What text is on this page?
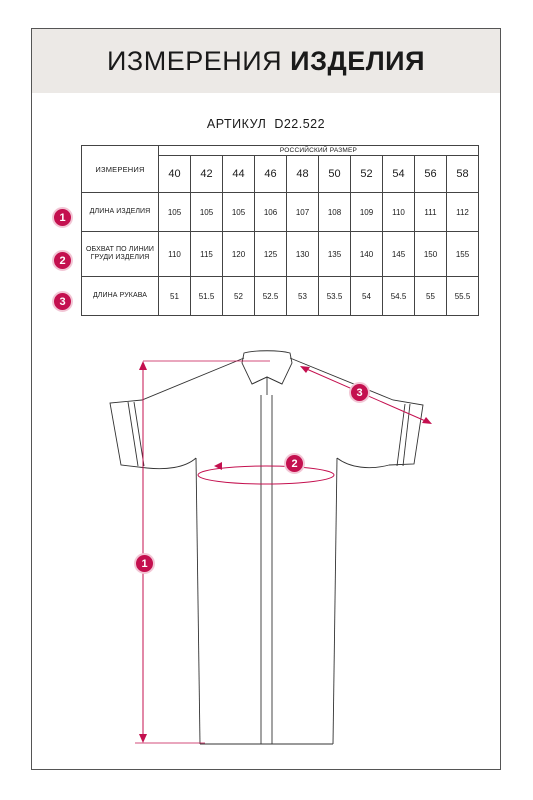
ИЗМЕРЕНИЯ ИЗДЕЛИЯ
АРТИКУЛ D22.522
ИЗМЕРЕНИЯ	РОССИЙСКИЙ РАЗМЕР									
	40	42	44	46	48	50	52	54	56	58
ДЛИНА ИЗДЕЛИЯ	105	105	105	106	107	108	109	110	111	112
ОБХВАТ ПО ЛИНИИ ГРУДИ ИЗДЕЛИЯ	110	115	120	125	130	135	140	145	150	155
ДЛИНА РУКАВА	51	51.5	52	52.5	53	53.5	54	54.5	55	55.5
1
2
3
1
2
3
